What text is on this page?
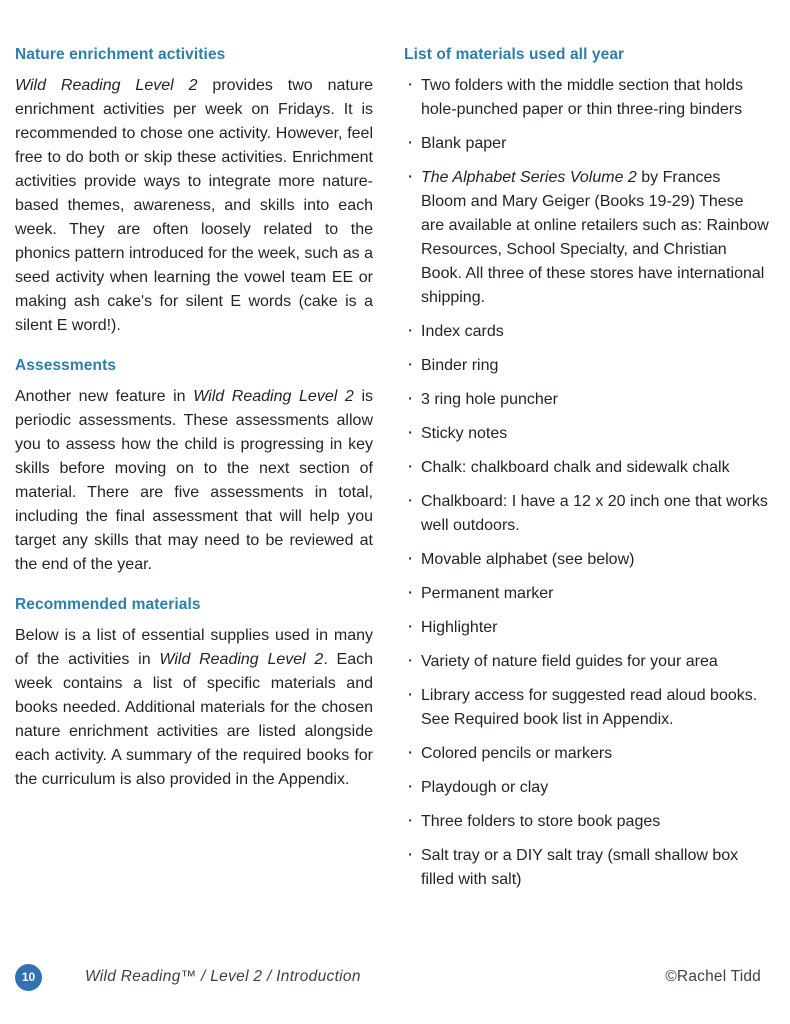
Nature enrichment activities

Wild Reading Level 2 provides two nature enrichment activities per week on Fridays. It is recommended to chose one activity. However, feel free to do both or skip these activities. Enrichment activities provide ways to integrate more nature-based themes, awareness, and skills into each week. They are often loosely related to the phonics pattern introduced for the week, such as a seed activity when learning the vowel team EE or making ash cake's for silent E words (cake is a silent E word!).

Assessments

Another new feature in Wild Reading Level 2 is periodic assessments. These assessments allow you to assess how the child is progressing in key skills before moving on to the next section of material. There are five assessments in total, including the final assessment that will help you target any skills that may need to be reviewed at the end of the year.

Recommended materials

Below is a list of essential supplies used in many of the activities in Wild Reading Level 2. Each week contains a list of specific materials and books needed. Additional materials for the chosen nature enrichment activities are listed alongside each activity. A summary of the required books for the curriculum is also provided in the Appendix.

List of materials used all year
· Two folders with the middle section that holds hole-punched paper or thin three-ring binders
· Blank paper
· The Alphabet Series Volume 2 by Frances Bloom and Mary Geiger (Books 19-29) These are available at online retailers such as: Rainbow Resources, School Specialty, and Christian Book. All three of these stores have international shipping.
· Index cards
· Binder ring
· 3 ring hole puncher
· Sticky notes
· Chalk: chalkboard chalk and sidewalk chalk
· Chalkboard: I have a 12 x 20 inch one that works well outdoors.
· Movable alphabet (see below)
· Permanent marker
· Highlighter
· Variety of nature field guides for your area
· Library access for suggested read aloud books. See Required book list in Appendix.
· Colored pencils or markers
· Playdough or clay
· Three folders to store book pages
· Salt tray or a DIY salt tray (small shallow box filled with salt)
10	Wild Reading™ / Level 2 / Introduction	©Rachel Tidd
